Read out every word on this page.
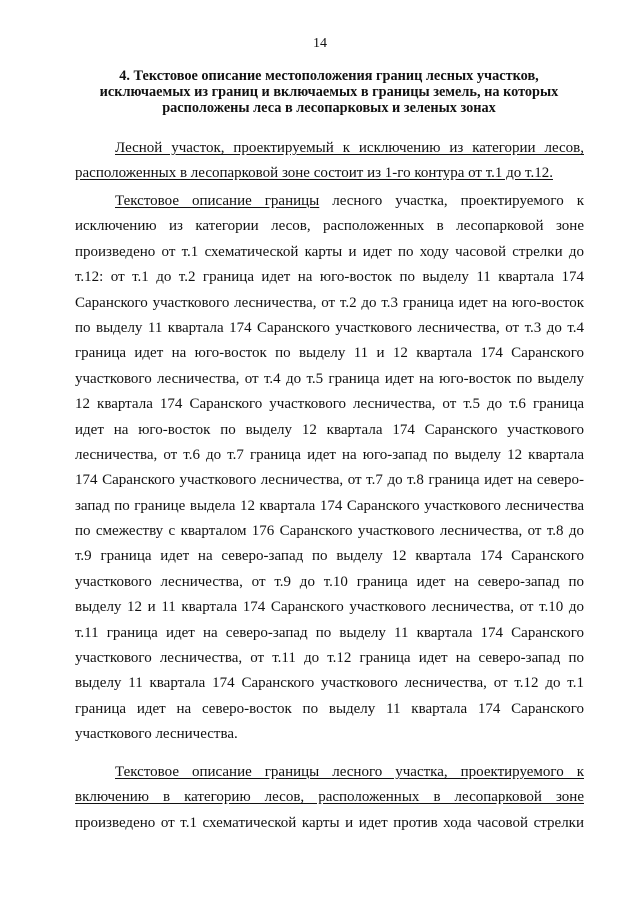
14
4. Текстовое описание местоположения границ лесных участков,
исключаемых из границ и включаемых в границы земель, на которых
расположены леса в лесопарковых и зеленых зонах
Лесной участок, проектируемый к исключению из категории лесов,
расположенных в лесопарковой зоне состоит из 1-го контура от т.1 до т.12.
Текстовое описание границы лесного участка, проектируемого к
исключению из категории лесов, расположенных в лесопарковой зоне
произведено от т.1 схематической карты и идет по ходу часовой стрелки до
т.12: от т.1 до т.2 граница идет на юго-восток по выделу 11 квартала 174
Саранского участкового лесничества, от т.2 до т.3 граница идет на юго-восток
по выделу 11 квартала 174 Саранского участкового лесничества, от т.3 до т.4
граница идет на юго-восток по выделу 11 и 12 квартала 174 Саранского
участкового лесничества, от т.4 до т.5 граница идет на юго-восток по выделу
12 квартала 174 Саранского участкового лесничества, от т.5 до т.6 граница
идет на юго-восток по выделу 12 квартала 174 Саранского участкового
лесничества, от т.6 до т.7 граница идет на юго-запад по выделу 12 квартала
174 Саранского участкового лесничества, от т.7 до т.8 граница идет на северо-
запад по границе выдела 12 квартала 174 Саранского участкового лесничества
по смежеству с кварталом 176 Саранского участкового лесничества, от т.8 до
т.9 граница идет на северо-запад по выделу 12 квартала 174 Саранского
участкового лесничества, от т.9 до т.10 граница идет на северо-запад по
выделу 12 и 11 квартала 174 Саранского участкового лесничества, от т.10 до
т.11 граница идет на северо-запад по выделу 11 квартала 174 Саранского
участкового лесничества, от т.11 до т.12 граница идет на северо-запад по
выделу 11 квартала 174 Саранского участкового лесничества, от т.12 до т.1
граница идет на северо-восток по выделу 11 квартала 174 Саранского
участкового лесничества.
Текстовое описание границы лесного участка, проектируемого к
включению в категорию лесов, расположенных в лесопарковой зоне
произведено от т.1 схематической карты и идет против хода часовой стрелки
